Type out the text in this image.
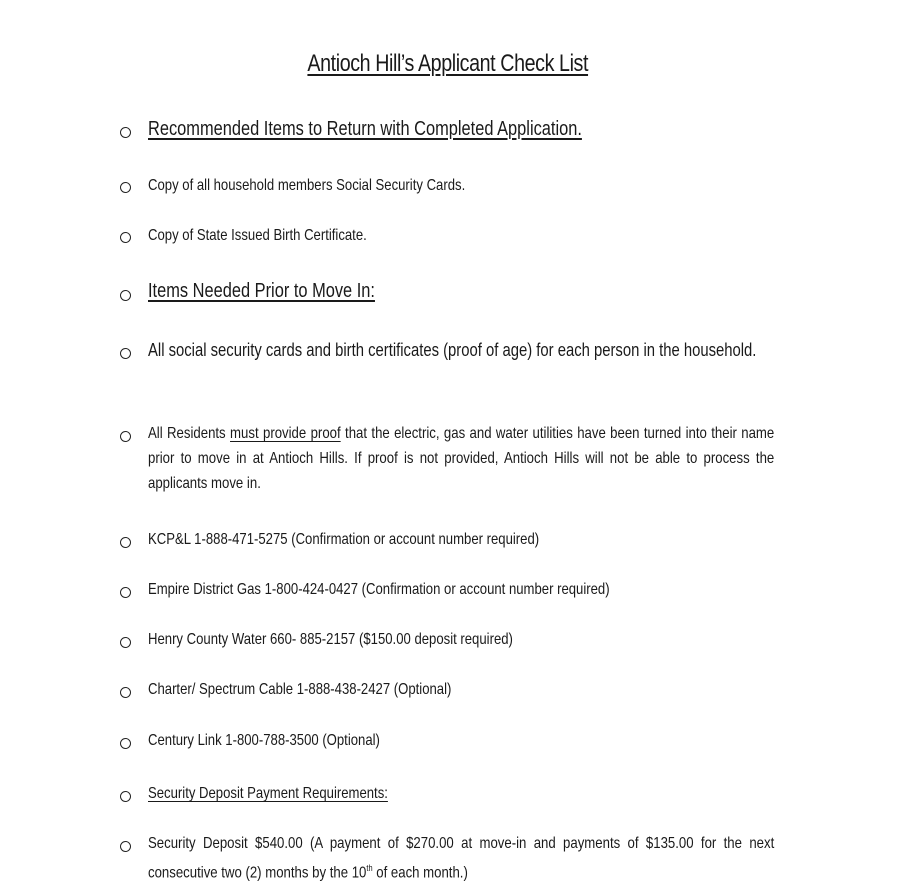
Antioch Hill’s Applicant Check List
Recommended Items to Return with Completed Application.
Copy of all household members Social Security Cards.
Copy of State Issued Birth Certificate.
Items Needed Prior to Move In:
All social security cards and birth certificates (proof of age) for each person in the household.
All Residents must provide proof that the electric, gas and water utilities have been turned into their name prior to move in at Antioch Hills. If proof is not provided, Antioch Hills will not be able to process the applicants move in.
KCP&L 1-888-471-5275 (Confirmation or account number required)
Empire District Gas 1-800-424-0427 (Confirmation or account number required)
Henry County Water 660- 885-2157 ($150.00 deposit required)
Charter/ Spectrum Cable 1-888-438-2427 (Optional)
Century Link 1-800-788-3500 (Optional)
Security Deposit Payment Requirements:
Security Deposit $540.00 (A payment of $270.00 at move-in and payments of $135.00 for the next consecutive two (2) months by the 10th of each month.)
